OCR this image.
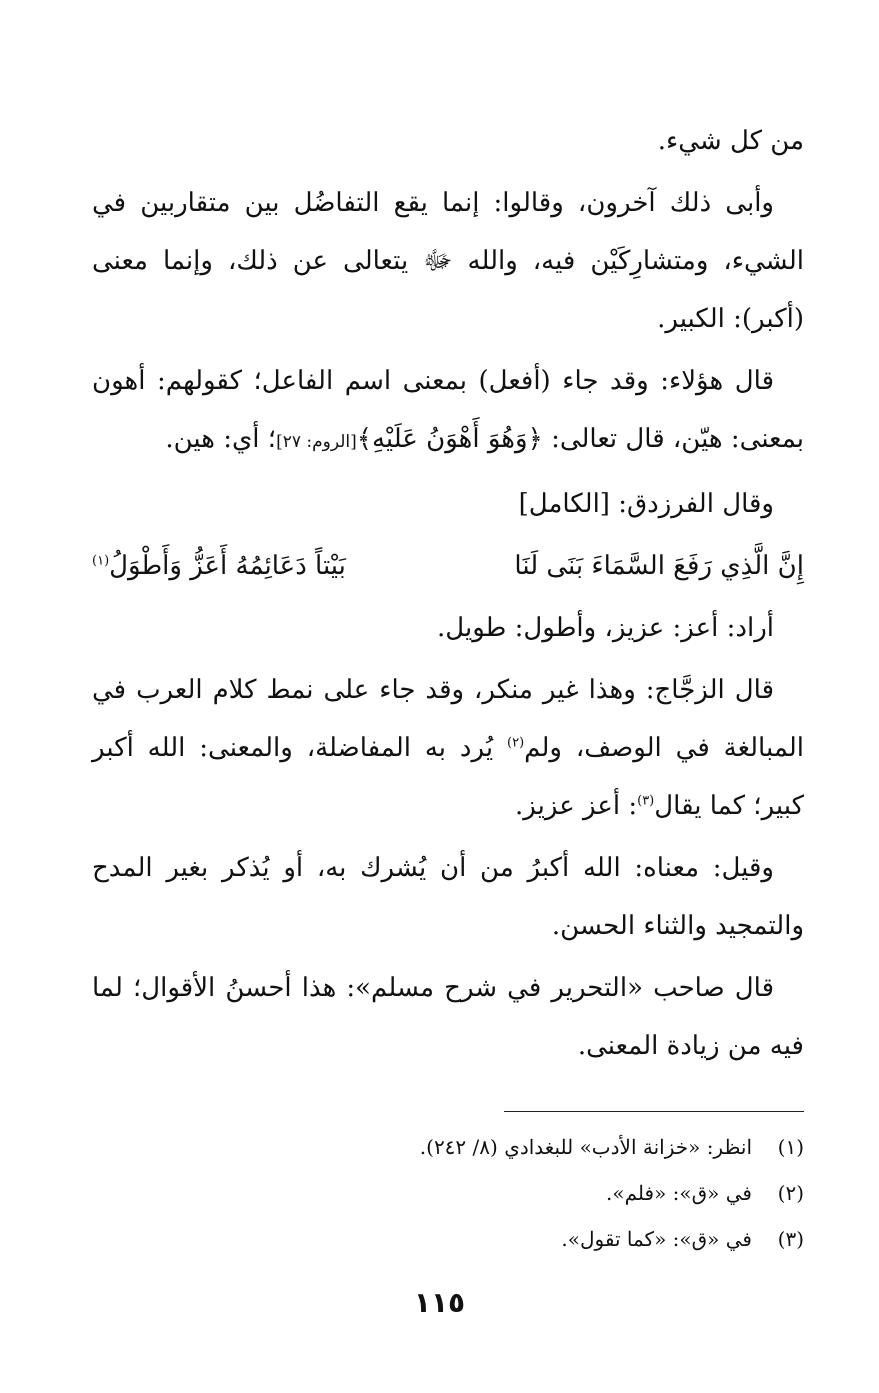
من كل شيء.

وأبى ذلك آخرون، وقالوا: إنما يقع التفاضُل بين متقاربين في الشيء، ومتشارِكَيْن فيه، والله ﷻ يتعالى عن ذلك، وإنما معنى (أكبر): الكبير.

قال هؤلاء: وقد جاء (أفعل) بمعنى اسم الفاعل؛ كقولهم: أهون بمعنى: هيّن، قال تعالى: ﴿وَهُوَ أَهْوَنُ عَلَيْهِ﴾[الروم: ٢٧]؛ أي: هين.

وقال الفرزدق: [الكامل]

إِنَّ الَّذِي رَفَعَ السَّمَاءَ بَنَى لَنَا
بَيْتاً دَعَائِمُهُ أَعَزُّ وَأَطْوَلُ$^{(١)}$

أراد: أعز: عزيز، وأطول: طويل.

قال الزجَّاج: وهذا غير منكر، وقد جاء على نمط كلام العرب في المبالغة في الوصف، ولم$^{(٢)}$ يُرد به المفاضلة، والمعنى: الله أكبر كبير؛ كما يقال$^{(٣)}$: أعز عزيز.

وقيل: معناه: الله أكبرُ من أن يُشرك به، أو يُذكر بغير المدح والتمجيد والثناء الحسن.

قال صاحب «التحرير في شرح مسلم»: هذا أحسنُ الأقوال؛ لما فيه من زيادة المعنى.

(١)انظر: «خزانة الأدب» للبغدادي (٨/ ٢٤٢).
(٢)في «ق»: «فلم».
(٣)في «ق»: «كما تقول».
١١٥
